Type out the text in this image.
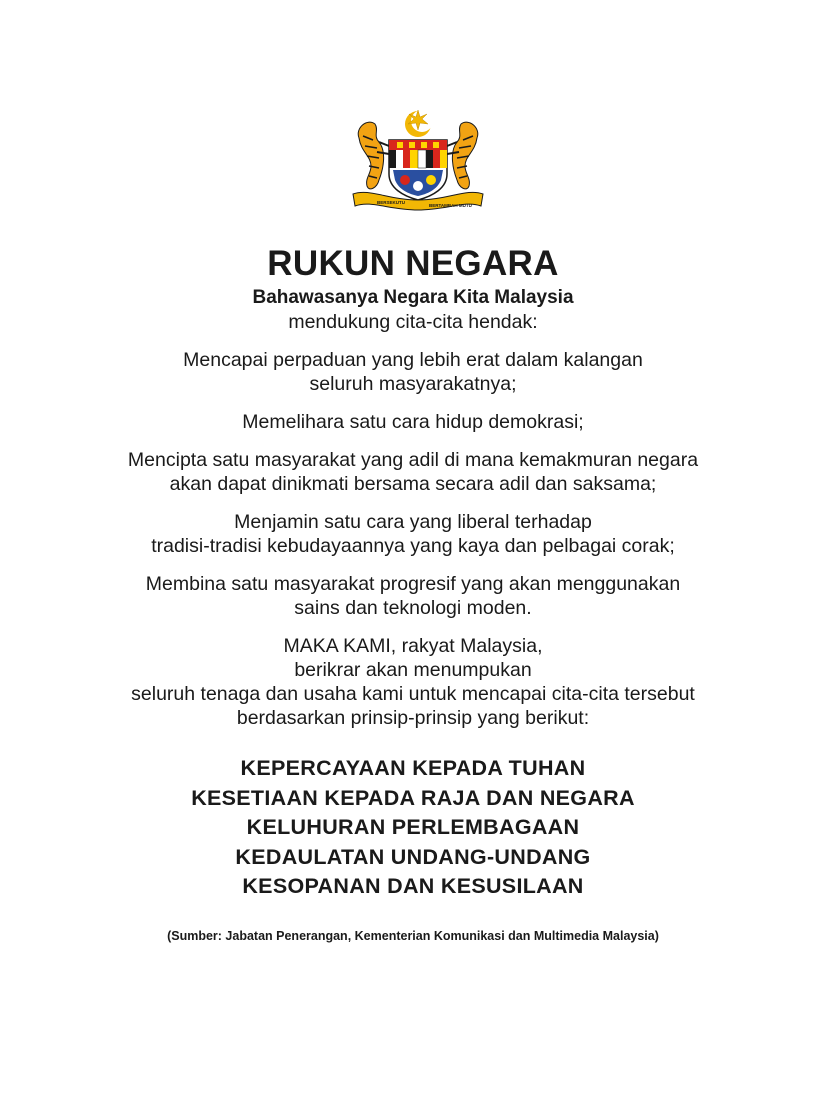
BERSEKUTU
BERTAMBAH MUTU

RUKUN NEGARA

Bahawasanya Negara Kita Malaysia

mendukung cita-cita hendak:

Mencapai perpaduan yang lebih erat dalam kalangan

seluruh masyarakatnya;

Memelihara satu cara hidup demokrasi;

Mencipta satu masyarakat yang adil di mana kemakmuran negara

akan dapat dinikmati bersama secara adil dan saksama;

Menjamin satu cara yang liberal terhadap

tradisi-tradisi kebudayaannya yang kaya dan pelbagai corak;

Membina satu masyarakat progresif yang akan menggunakan

sains dan teknologi moden.

MAKA KAMI, rakyat Malaysia,

berikrar akan menumpukan

seluruh tenaga dan usaha kami untuk mencapai cita-cita tersebut

berdasarkan prinsip-prinsip yang berikut:

KEPERCAYAAN KEPADA TUHAN

KESETIAAN KEPADA RAJA DAN NEGARA

KELUHURAN PERLEMBAGAAN

KEDAULATAN UNDANG-UNDANG

KESOPANAN DAN KESUSILAAN

(Sumber: Jabatan Penerangan, Kementerian Komunikasi dan Multimedia Malaysia)
